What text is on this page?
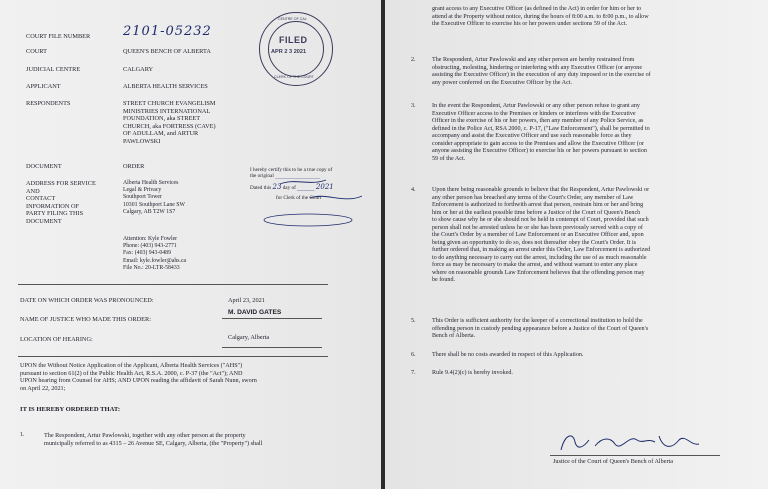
COURT FILE NUMBER	2101-05232
COURT	QUEEN'S BENCH OF ALBERTA
JUDICIAL CENTRE	CALGARY
APPLICANT	ALBERTA HEALTH SERVICES
RESPONDENTS	STREET CHURCH EVANGELISM
MINISTRIES INTERNATIONAL
FOUNDATION, aka STREET
CHURCH, aka FORTRESS (CAVE)
OF ADULLAM, and ARTUR
PAWLOWSKI
DOCUMENT	ORDER	I hereby certify this to be a true copy of
the original _______________
Dated this 23 day of _____ 2021
for Clerk of the Court
ADDRESS FOR SERVICE
AND
CONTACT
INFORMATION OF
PARTY FILING THIS
DOCUMENT
Alberta Health Services
Legal & Privacy
Southport Tower
10301 Southport Lane SW
Calgary, AB T2W 1S7
Attention: Kyle Fowler
Phone: (403) 943-2771
Fax: (403) 943-0489
Email: kyle.fowler@ahs.ca
File No.: 20-LTR-58433
DATE ON WHICH ORDER WAS PRONOUNCED:	April 23, 2021
NAME OF JUSTICE WHO MADE THIS ORDER:
M. DAVID GATES
LOCATION OF HEARING:	Calgary, Alberta
UPON the Without Notice Application of the Applicant, Alberta Health Services ("AHS")
pursuant to section 61(2) of the Public Health Act, R.S.A. 2000, c. P-37 (the "Act"); AND
UPON hearing from Counsel for AHS; AND UPON reading the affidavit of Sarah Nunn, sworn
on April 22, 2021;
IT IS HEREBY ORDERED THAT:
1.	The Respondent, Artur Pawlowski, together with any other person at the property
municipally referred to as 4315 – 26 Avenue SE, Calgary, Alberta, (the "Property") shall
CENTRE OF CAL
FILED
APR 2 3 2021
CLERK OF THE COURT
grant access to any Executive Officer (as defined in the Act) in order for him or her to
attend at the Property without notice, during the hours of 8:00 a.m. to 8:00 p.m., to allow
the Executive Officer to exercise his or her powers under sections 59 of the Act.
2.	The Respondent, Artur Pawlowski and any other person are hereby restrained from
obstructing, molesting, hindering or interfering with any Executive Officer (or anyone
assisting the Executive Officer) in the execution of any duty imposed or in the exercise of
any power conferred on the Executive Officer by the Act.
3.	In the event the Respondent, Artur Pawlowski or any other person refuse to grant any
Executive Officer access to the Premises or hinders or interferes with the Executive
Officer in the exercise of his or her powers, then any member of any Police Service, as
defined in the Police Act, RSA 2000, c. P-17, ("Law Enforcement"), shall be permitted to
accompany and assist the Executive Officer and use such reasonable force as they
consider appropriate to gain access to the Premises and allow the Executive Officer (or
anyone assisting the Executive Officer) to exercise his or her powers pursuant to section
59 of the Act.
4.	Upon there being reasonable grounds to believe that the Respondent, Artur Pawlowski or
any other person has breached any terms of the Court's Order, any member of Law
Enforcement is authorized to forthwith arrest that person, restrain him or her and bring
him or her at the earliest possible time before a Justice of the Court of Queen's Bench
to show cause why he or she should not be held in contempt of Court, provided that such
person shall not be arrested unless he or she has been previously served with a copy of
the Court's Order by a member of Law Enforcement or an Executive Officer and, upon
being given an opportunity to do so, does not thereafter obey the Court's Order. It is
further ordered that, in making an arrest under this Order, Law Enforcement is authorized
to do anything necessary to carry out the arrest, including the use of as much reasonable
force as may be necessary to make the arrest, and without warrant to enter any place
where on reasonable grounds Law Enforcement believes that the offending person may
be found.
5.	This Order is sufficient authority for the keeper of a correctional institution to hold the
offending person in custody pending appearance before a Justice of the Court of Queen's
Bench of Alberta.
6.	There shall be no costs awarded in respect of this Application.
7.	Rule 9.4(2)(c) is hereby invoked.
Justice of the Court of Queen's Bench of Alberta
